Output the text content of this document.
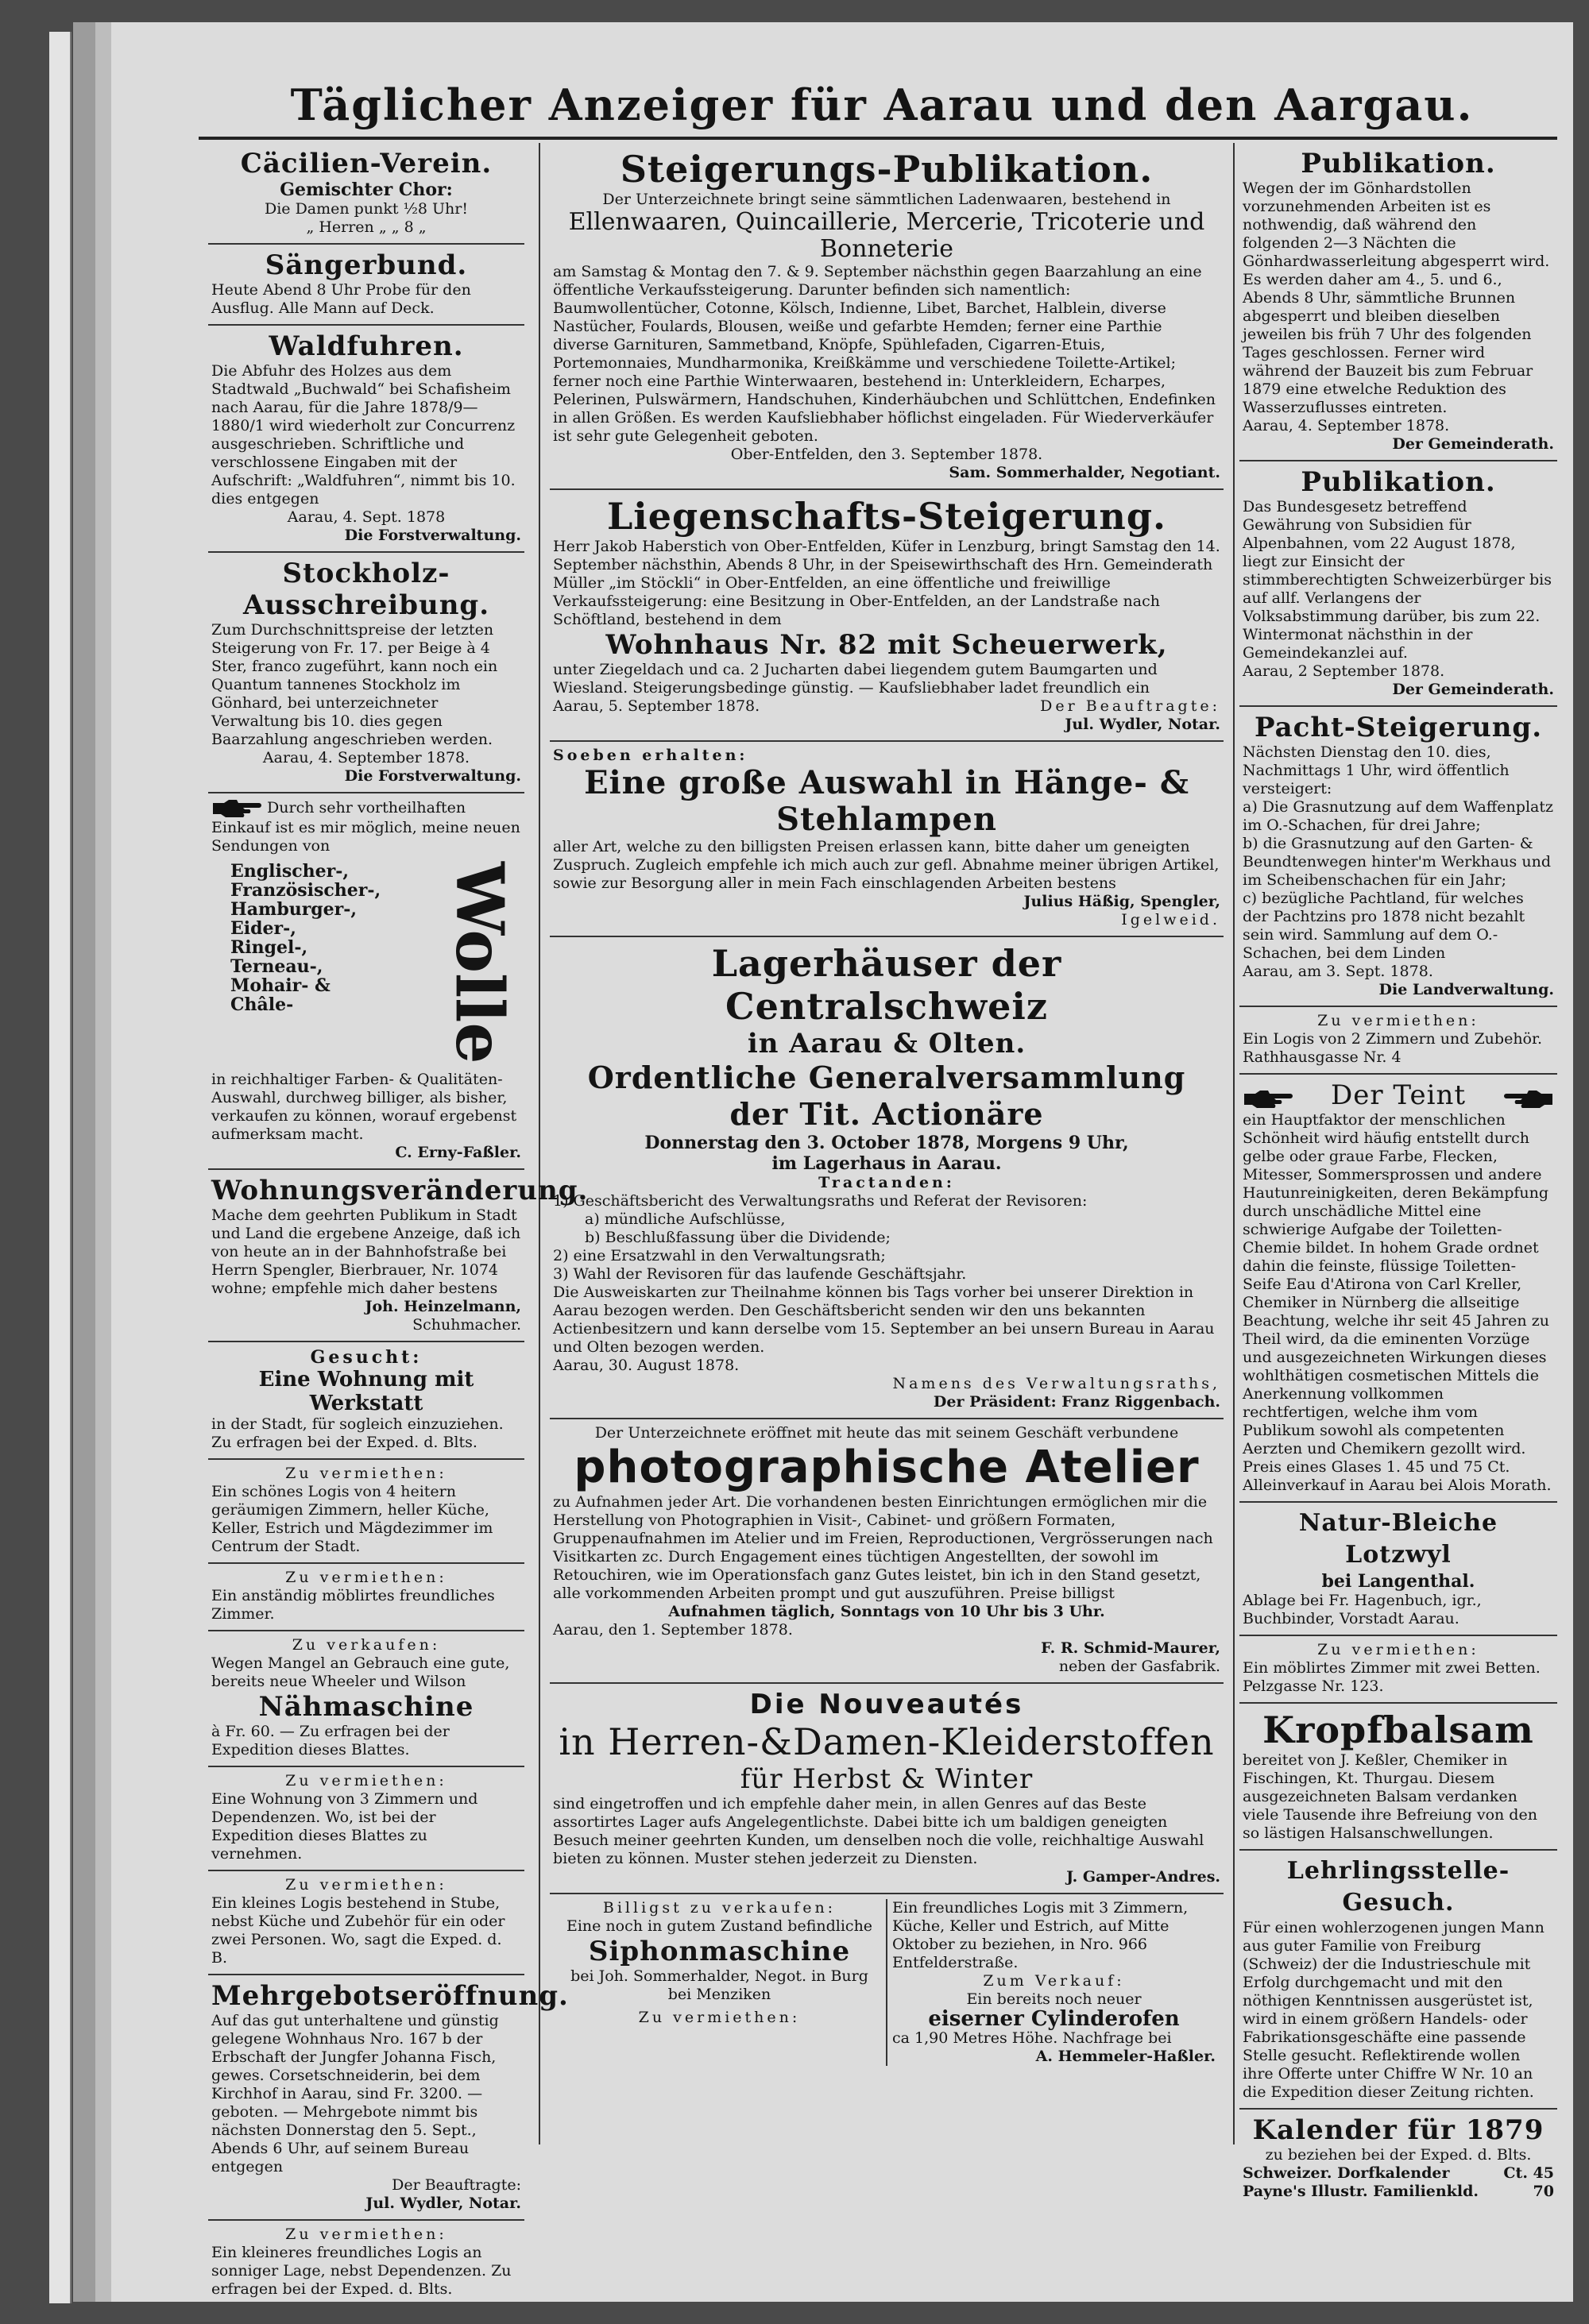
Täglicher Anzeiger für Aarau und den Aargau.
Cäcilien-Verein.
Gemischter Chor:
Die Damen punkt ½8 Uhr!
„ Herren „ „ 8 „
Sängerbund.

Heute Abend 8 Uhr Probe für den Ausflug. Alle Mann auf Deck.

Waldfuhren.

Die Abfuhr des Holzes aus dem Stadtwald „Buchwald“ bei Schafisheim nach Aarau, für die Jahre 1878/9—1880/1 wird wiederholt zur Concurrenz ausgeschrieben. Schriftliche und verschlossene Eingaben mit der Aufschrift: „Waldfuhren“, nimmt bis 10. dies entgegen

Aarau, 4. Sept. 1878

Die Forstverwaltung.

Stockholz-Ausschreibung.

Zum Durchschnittspreise der letzten Steigerung von Fr. 17. per Beige à 4 Ster, franco zugeführt, kann noch ein Quantum tannenes Stockholz im Gönhard, bei unterzeichneter Verwaltung bis 10. dies gegen Baarzahlung angeschrieben werden.

Aarau, 4. September 1878.

Die Forstverwaltung.

Durch sehr vortheilhaften Einkauf ist es mir möglich, meine neuen Sendungen von

Englischer-,
Französischer-,
Hamburger-,
Eider-,
Ringel-,
Terneau-,
Mohair- &
Châle-	Wolle

in reichhaltiger Farben- & Qualitäten-Auswahl, durchweg billiger, als bisher, verkaufen zu können, worauf ergebenst aufmerksam macht.

C. Erny-Faßler.

Wohnungsveränderung.

Mache dem geehrten Publikum in Stadt und Land die ergebene Anzeige, daß ich von heute an in der Bahnhofstraße bei Herrn Spengler, Bierbrauer, Nr. 1074 wohne; empfehle mich daher bestens

Joh. Heinzelmann,

Schuhmacher.

Gesucht:
Eine Wohnung mit Werkstatt

in der Stadt, für sogleich einzuziehen. Zu erfragen bei der Exped. d. Blts.

Zu vermiethen:

Ein schönes Logis von 4 heitern geräumigen Zimmern, heller Küche, Keller, Estrich und Mägdezimmer im Centrum der Stadt.

Zu vermiethen:

Ein anständig möblirtes freundliches Zimmer.

Zu verkaufen:

Wegen Mangel an Gebrauch eine gute, bereits neue Wheeler und Wilson

Nähmaschine

à Fr. 60. — Zu erfragen bei der Expedition dieses Blattes.

Zu vermiethen:

Eine Wohnung von 3 Zimmern und Dependenzen. Wo, ist bei der Expedition dieses Blattes zu vernehmen.

Zu vermiethen:

Ein kleines Logis bestehend in Stube, nebst Küche und Zubehör für ein oder zwei Personen. Wo, sagt die Exped. d. B.

Mehrgebotseröffnung.

Auf das gut unterhaltene und günstig gelegene Wohnhaus Nro. 167 b der Erbschaft der Jungfer Johanna Fisch, gewes. Corsetschneiderin, bei dem Kirchhof in Aarau, sind Fr. 3200. — geboten. — Mehrgebote nimmt bis nächsten Donnerstag den 5. Sept., Abends 6 Uhr, auf seinem Bureau entgegen

Der Beauftragte:

Jul. Wydler, Notar.

Zu vermiethen:

Ein kleineres freundliches Logis an sonniger Lage, nebst Dependenzen. Zu erfragen bei der Exped. d. Blts.

Steigerungs-Publikation.

Der Unterzeichnete bringt seine sämmtlichen Ladenwaaren, bestehend in

Ellenwaaren, Quincaillerie, Mercerie, Tricoterie und Bonneterie

am Samstag & Montag den 7. & 9. September nächsthin gegen Baarzahlung an eine öffentliche Verkaufssteigerung. Darunter befinden sich namentlich: Baumwollentücher, Cotonne, Kölsch, Indienne, Libet, Barchet, Halblein, diverse Nastücher, Foulards, Blousen, weiße und gefarbte Hemden; ferner eine Parthie diverse Garnituren, Sammetband, Knöpfe, Spühlefaden, Cigarren-Etuis, Portemonnaies, Mundharmonika, Kreißkämme und verschiedene Toilette-Artikel; ferner noch eine Parthie Winterwaaren, bestehend in: Unterkleidern, Echarpes, Pelerinen, Pulswärmern, Handschuhen, Kinderhäubchen und Schlüttchen, Endefinken in allen Größen. Es werden Kaufsliebhaber höflichst eingeladen. Für Wiederverkäufer ist sehr gute Gelegenheit geboten.

Ober-Entfelden, den 3. September 1878.

Sam. Sommerhalder, Negotiant.

Liegenschafts-Steigerung.

Herr Jakob Haberstich von Ober-Entfelden, Küfer in Lenzburg, bringt Samstag den 14. September nächsthin, Abends 8 Uhr, in der Speisewirthschaft des Hrn. Gemeinderath Müller „im Stöckli“ in Ober-Entfelden, an eine öffentliche und freiwillige Verkaufssteigerung: eine Besitzung in Ober-Entfelden, an der Landstraße nach Schöftland, bestehend in dem

Wohnhaus Nr. 82 mit Scheuerwerk,

unter Ziegeldach und ca. 2 Jucharten dabei liegendem gutem Baumgarten und Wiesland. Steigerungsbedinge günstig. — Kaufsliebhaber ladet freundlich ein

Aarau, 5. September 1878.	Der Beauftragte:

Jul. Wydler, Notar.

Soeben erhalten:
Eine große Auswahl in Hänge- & Stehlampen

aller Art, welche zu den billigsten Preisen erlassen kann, bitte daher um geneigten Zuspruch. Zugleich empfehle ich mich auch zur gefl. Abnahme meiner übrigen Artikel, sowie zur Besorgung aller in mein Fach einschlagenden Arbeiten bestens

Julius Häßig, Spengler,

Igelweid.

Lagerhäuser der Centralschweiz
in Aarau & Olten.
Ordentliche Generalversammlung der Tit. Actionäre
Donnerstag den 3. October 1878, Morgens 9 Uhr,
im Lagerhaus in Aarau.
Tractanden:

1) Geschäftsbericht des Verwaltungsraths und Referat der Revisoren:

a) mündliche Aufschlüsse,

b) Beschlußfassung über die Dividende;

2) eine Ersatzwahl in den Verwaltungsrath;

3) Wahl der Revisoren für das laufende Geschäftsjahr.

Die Ausweiskarten zur Theilnahme können bis Tags vorher bei unserer Direktion in Aarau bezogen werden. Den Geschäftsbericht senden wir den uns bekannten Actienbesitzern und kann derselbe vom 15. September an bei unsern Bureau in Aarau und Olten bezogen werden.

Aarau, 30. August 1878.

Namens des Verwaltungsraths,

Der Präsident: Franz Riggenbach.

Der Unterzeichnete eröffnet mit heute das mit seinem Geschäft verbundene

photographische Atelier

zu Aufnahmen jeder Art. Die vorhandenen besten Einrichtungen ermöglichen mir die Herstellung von Photographien in Visit-, Cabinet- und größern Formaten, Gruppenaufnahmen im Atelier und im Freien, Reproductionen, Vergrösserungen nach Visitkarten zc. Durch Engagement eines tüchtigen Angestellten, der sowohl im Retouchiren, wie im Operationsfach ganz Gutes leistet, bin ich in den Stand gesetzt, alle vorkommenden Arbeiten prompt und gut auszuführen. Preise billigst

Aufnahmen täglich, Sonntags von 10 Uhr bis 3 Uhr.

Aarau, den 1. September 1878.

F. R. Schmid-Maurer,

neben der Gasfabrik.

Die Nouveautés
in Herren-&Damen-Kleiderstoffen
für Herbst & Winter

sind eingetroffen und ich empfehle daher mein, in allen Genres auf das Beste assortirtes Lager aufs Angelegentlichste. Dabei bitte ich um baldigen geneigten Besuch meiner geehrten Kunden, um denselben noch die volle, reichhaltige Auswahl bieten zu können. Muster stehen jederzeit zu Diensten.

J. Gamper-Andres.

Billigst zu verkaufen:

Eine noch in gutem Zustand befindliche

Siphonmaschine

bei Joh. Sommerhalder, Negot. in Burg bei Menziken

Zu vermiethen:

Ein freundliches Logis mit 3 Zimmern, Küche, Keller und Estrich, auf Mitte Oktober zu beziehen, in Nro. 966 Entfelderstraße.

Zum Verkauf:

Ein bereits noch neuer

eiserner Cylinderofen

ca 1,90 Metres Höhe. Nachfrage bei

A. Hemmeler-Haßler.

Publikation.

Wegen der im Gönhardstollen vorzunehmenden Arbeiten ist es nothwendig, daß während den folgenden 2—3 Nächten die Gönhardwasserleitung abgesperrt wird. Es werden daher am 4., 5. und 6., Abends 8 Uhr, sämmtliche Brunnen abgesperrt und bleiben dieselben jeweilen bis früh 7 Uhr des folgenden Tages geschlossen. Ferner wird während der Bauzeit bis zum Februar 1879 eine etwelche Reduktion des Wasserzuflusses eintreten.

Aarau, 4. September 1878.

Der Gemeinderath.

Publikation.

Das Bundesgesetz betreffend Gewährung von Subsidien für Alpenbahnen, vom 22 August 1878, liegt zur Einsicht der stimmberechtigten Schweizerbürger bis auf allf. Verlangens der Volksabstimmung darüber, bis zum 22. Wintermonat nächsthin in der Gemeindekanzlei auf.

Aarau, 2 September 1878.

Der Gemeinderath.

Pacht-Steigerung.

Nächsten Dienstag den 10. dies, Nachmittags 1 Uhr, wird öffentlich versteigert:

a) Die Grasnutzung auf dem Waffenplatz im O.-Schachen, für drei Jahre;

b) die Grasnutzung auf den Garten- & Beundtenwegen hinter'm Werkhaus und im Scheibenschachen für ein Jahr;

c) bezügliche Pachtland, für welches der Pachtzins pro 1878 nicht bezahlt sein wird. Sammlung auf dem O.-Schachen, bei dem Linden

Aarau, am 3. Sept. 1878.

Die Landverwaltung.

Zu vermiethen:

Ein Logis von 2 Zimmern und Zubehör. Rathhausgasse Nr. 4

Der Teint

ein Hauptfaktor der menschlichen Schönheit wird häufig entstellt durch gelbe oder graue Farbe, Flecken, Mitesser, Sommersprossen und andere Hautunreinigkeiten, deren Bekämpfung durch unschädliche Mittel eine schwierige Aufgabe der Toiletten-Chemie bildet. In hohem Grade ordnet dahin die feinste, flüssige Toiletten-Seife Eau d'Atirona von Carl Kreller, Chemiker in Nürnberg die allseitige Beachtung, welche ihr seit 45 Jahren zu Theil wird, da die eminenten Vorzüge und ausgezeichneten Wirkungen dieses wohlthätigen cosmetischen Mittels die Anerkennung vollkommen rechtfertigen, welche ihm vom Publikum sowohl als competenten Aerzten und Chemikern gezollt wird. Preis eines Glases 1. 45 und 75 Ct. Alleinverkauf in Aarau bei Alois Morath.

Natur-Bleiche Lotzwyl
bei Langenthal.

Ablage bei Fr. Hagenbuch, igr., Buchbinder, Vorstadt Aarau.

Zu vermiethen:

Ein möblirtes Zimmer mit zwei Betten. Pelzgasse Nr. 123.

Kropfbalsam

bereitet von J. Keßler, Chemiker in Fischingen, Kt. Thurgau. Diesem ausgezeichneten Balsam verdanken viele Tausende ihre Befreiung von den so lästigen Halsanschwellungen.

Lehrlingsstelle-Gesuch.

Für einen wohlerzogenen jungen Mann aus guter Familie von Freiburg (Schweiz) der die Industrieschule mit Erfolg durchgemacht und mit den nöthigen Kenntnissen ausgerüstet ist, wird in einem größern Handels- oder Fabrikationsgeschäfte eine passende Stelle gesucht. Reflektirende wollen ihre Offerte unter Chiffre W Nr. 10 an die Expedition dieser Zeitung richten.

Kalender für 1879

zu beziehen bei der Exped. d. Blts.

Schweizer. Dorfkalender	Ct. 45
Payne's Illustr. Familienkld.	70
